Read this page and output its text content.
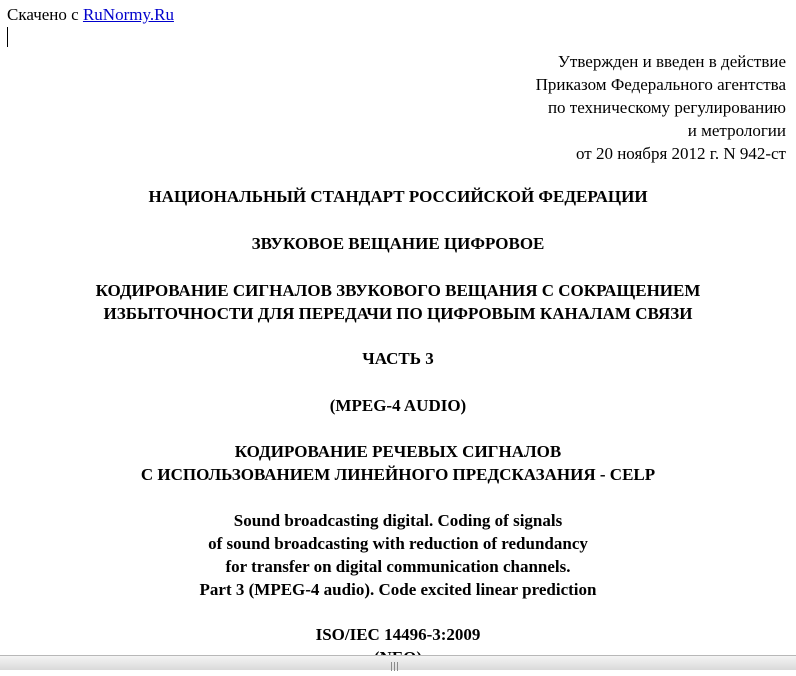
Скачено с RuNormy.Ru
Утвержден и введен в действие
Приказом Федерального агентства
по техническому регулированию
и метрологии
от 20 ноября 2012 г. N 942-ст
НАЦИОНАЛЬНЫЙ СТАНДАРТ РОССИЙСКОЙ ФЕДЕРАЦИИ
ЗВУКОВОЕ ВЕЩАНИЕ ЦИФРОВОЕ
КОДИРОВАНИЕ СИГНАЛОВ ЗВУКОВОГО ВЕЩАНИЯ С СОКРАЩЕНИЕМ
ИЗБЫТОЧНОСТИ ДЛЯ ПЕРЕДАЧИ ПО ЦИФРОВЫМ КАНАЛАМ СВЯЗИ
ЧАСТЬ 3
(MPEG-4 AUDIO)
КОДИРОВАНИЕ РЕЧЕВЫХ СИГНАЛОВ
С ИСПОЛЬЗОВАНИЕМ ЛИНЕЙНОГО ПРЕДСКАЗАНИЯ - CELP
Sound broadcasting digital. Coding of signals
of sound broadcasting with reduction of redundancy
for transfer on digital communication channels.
Part 3 (MPEG-4 audio). Code excited linear prediction
ISO/IEC 14496-3:2009
